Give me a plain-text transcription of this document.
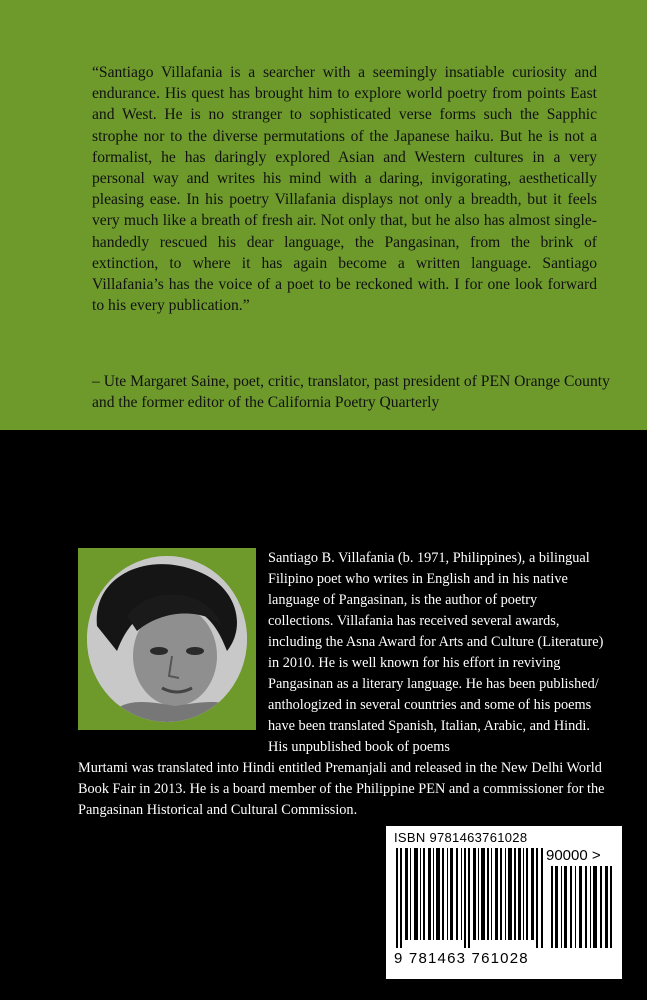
“Santiago Villafania is a searcher with a seemingly insatiable curiosity and endurance. His quest has brought him to explore world poetry from points East and West. He is no stranger to sophisticated verse forms such the Sapphic strophe nor to the diverse permutations of the Japanese haiku. But he is not a formalist, he has daringly explored Asian and Western cultures in a very personal way and writes his mind with a daring, invigorating, aesthetically pleasing ease. In his poetry Villafania displays not only a breadth, but it feels very much like a breath of fresh air. Not only that, but he also has almost single-handedly rescued his dear language, the Pangasinan, from the brink of extinction, to where it has again become a written language. Santiago Villafania’s has the voice of a poet to be reckoned with. I for one look forward to his every publication.”

– Ute Margaret Saine, poet, critic, translator, past president of PEN Orange County and the former editor of the California Poetry Quarterly

Santiago B. Villafania (b. 1971, Philippines), a bilingual Filipino poet who writes in English and in his native language of Pangasinan, is the author of poetry collections. Villafania has received several awards, including the Asna Award for Arts and Culture (Literature) in 2010. He is well known for his effort in reviving Pangasinan as a literary language. He has been published/ anthologized in several countries and some of his poems have been translated Spanish, Italian, Arabic, and Hindi. His unpublished book of poems

Murtami was translated into Hindi entitled Premanjali and released in the New Delhi World Book Fair in 2013. He is a board member of the Philippine PEN and a commissioner for the Pangasinan Historical and Cultural Commission.

ISBN 9781463761028
90000 >
9 781463 761028
